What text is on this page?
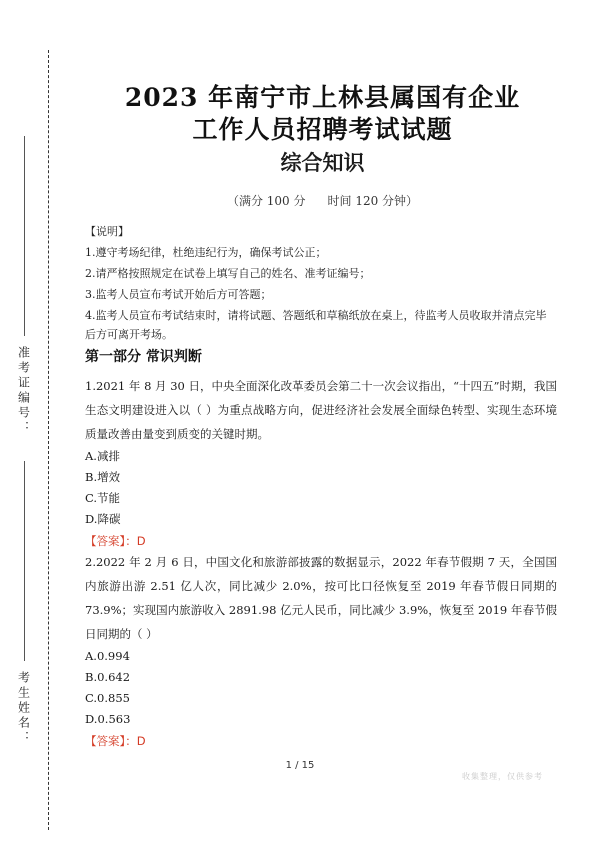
准考证编号：
考生姓名：
2023 年南宁市上林县属国有企业
工作人员招聘考试试题
综合知识
（满分 100 分 时间 120 分钟）

【说明】

1.遵守考场纪律，杜绝违纪行为，确保考试公正；

2.请严格按照规定在试卷上填写自己的姓名、准考证编号；

3.监考人员宣布考试开始后方可答题；

4.监考人员宣布考试结束时，请将试题、答题纸和草稿纸放在桌上，待监考人员收取并清点完毕后方可离开考场。

第一部分 常识判断

1.2021 年 8 月 30 日，中央全面深化改革委员会第二十一次会议指出，“十四五”时期，我国生态文明建设进入以（ ）为重点战略方向，促进经济社会发展全面绿色转型、实现生态环境质量改善由量变到质变的关键时期。

A.减排

B.增效

C.节能

D.降碳

【答案】：D

2.2022 年 2 月 6 日，中国文化和旅游部披露的数据显示，2022 年春节假期 7 天，全国国内旅游出游 2.51 亿人次，同比减少 2.0%，按可比口径恢复至 2019 年春节假日同期的 73.9%；实现国内旅游收入 2891.98 亿元人民币，同比减少 3.9%，恢复至 2019 年春节假日同期的（ ）

A.0.994

B.0.642

C.0.855

D.0.563

【答案】：D

1 / 15
收集整理，仅供参考
